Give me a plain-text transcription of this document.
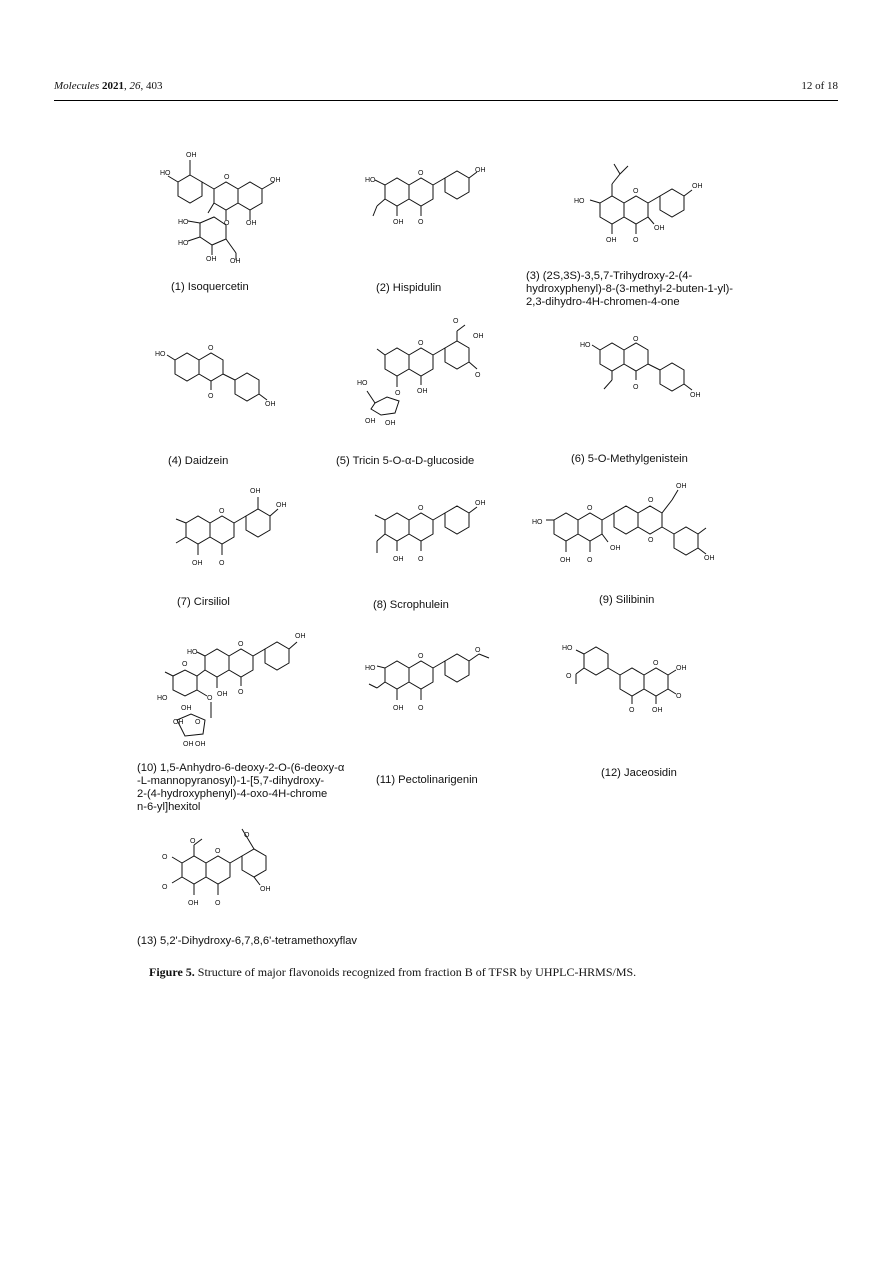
Molecules 2021, 26, 403	12 of 18
OH
HO
O	OH
OH
O
HO
HO
OH OH
(1) Isoquercetin
HO
O	OH
OH O
(2) Hispidulin
HO
O
OH
OH
OH O
(3) (2S,3S)-3,5,7-Trihydroxy-2-(4-
hydroxyphenyl)-8-(3-methyl-2-buten-1-yl)-
2,3-dihydro-4H-chromen-4-one
HO
O
O
OH
(4) Daidzein
O
OH
O
O
O OH
HO
OH OH
(5) Tricin 5-O-α-D-glucoside
HO
O
O
OH
(6) 5-O-Methylgenistein
OH
OH
O
OH O
(7) Cirsiliol
O
OH
OH O
(8) Scrophulein
HO
O
O
O
OH
OH
OH O	OH
(9) Silibinin
HO
O
OH
OH O
O
HO
OH
O
OH O
OH OH
(10) 1,5-Anhydro-6-deoxy-2-O-(6-deoxy-α
-L-mannopyranosyl)-1-[5,7-dihydroxy-
2-(4-hydroxyphenyl)-4-oxo-4H-chrome
n-6-yl]hexitol
HO
O
O
OH O
(11) Pectolinarigenin
HO
O
O
OH
O
OH
O
(12) Jaceosidin
O
OH
O
O
O
O
OH O
(13) 5,2'-Dihydroxy-6,7,8,6'-tetramethoxyflav
Figure 5. Structure of major flavonoids recognized from fraction B of TFSR by UHPLC-HRMS/MS.
